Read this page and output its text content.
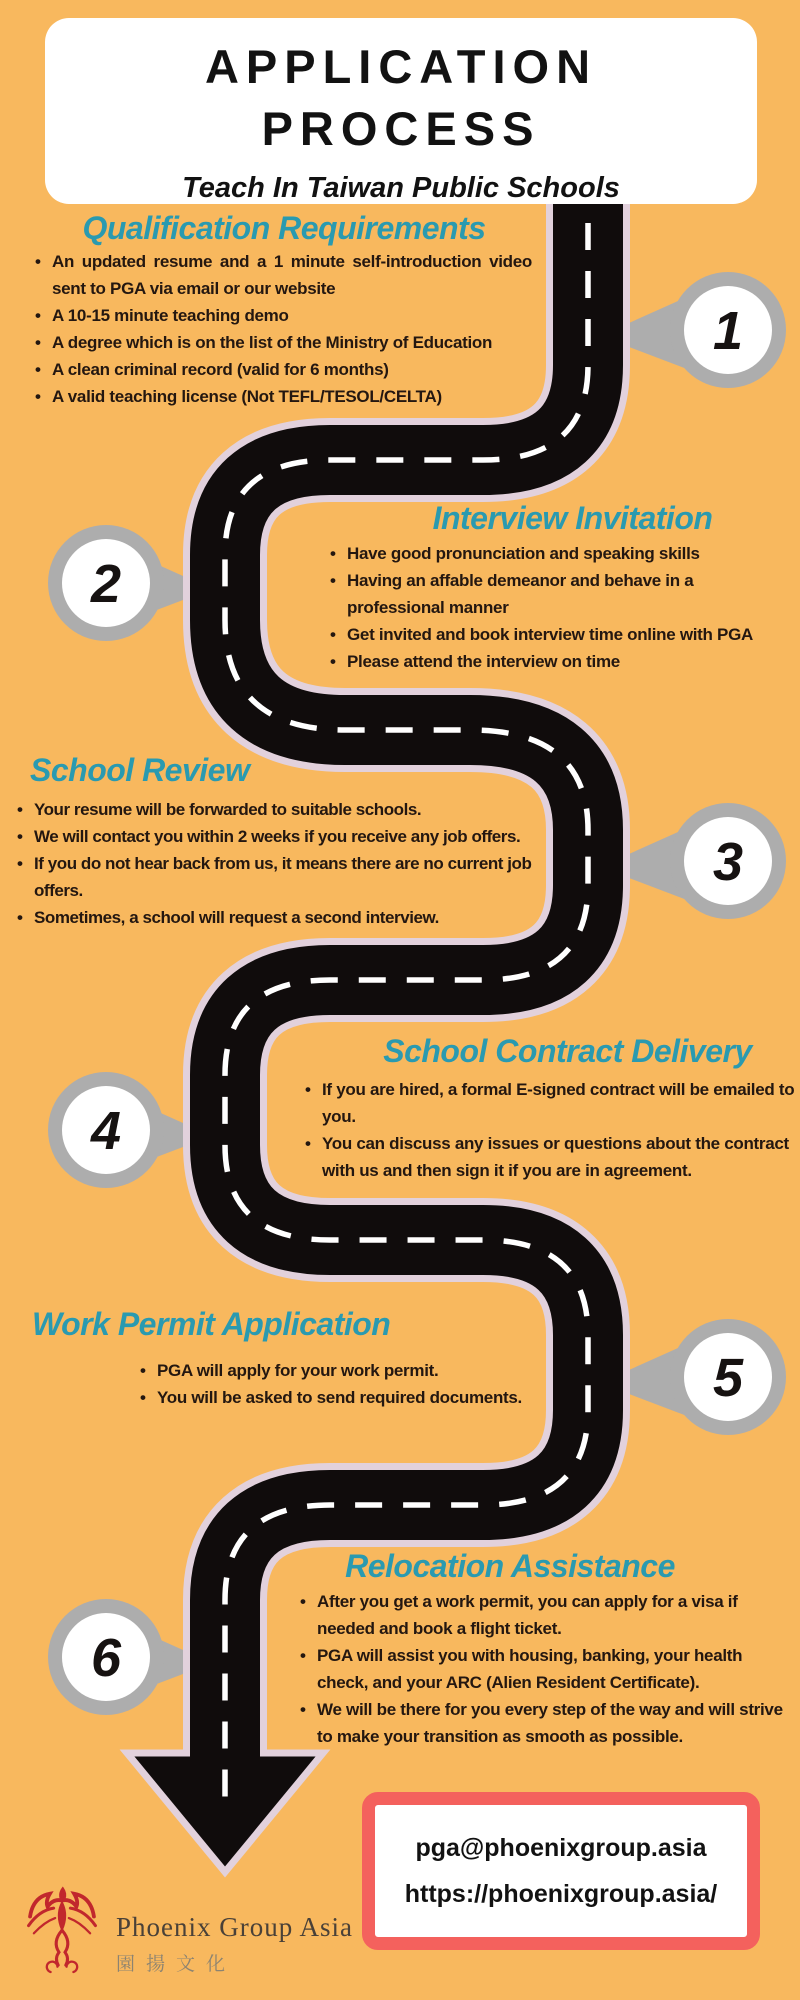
1
2
3
4
5
6
APPLICATION
PROCESS
Teach In Taiwan Public Schools
Qualification Requirements
• An updated resume and a 1 minute self-introduction video sent to PGA via email or our website
• A 10-15 minute teaching demo
• A degree which is on the list of the Ministry of Education
• A clean criminal record (valid for 6 months)
• A valid teaching license (Not TEFL/TESOL/CELTA)
Interview Invitation
• Have good pronunciation and speaking skills
• Having an affable demeanor and behave in a professional manner
• Get invited and book interview time online with PGA
• Please attend the interview on time
School Review
• Your resume will be forwarded to suitable schools.
• We will contact you within 2 weeks if you receive any job offers.
• If you do not hear back from us, it means there are no current job offers.
• Sometimes, a school will request a second interview.
School Contract Delivery
• If you are hired, a formal E-signed contract will be emailed to you.
• You can discuss any issues or questions about the contract with us and then sign it if you are in agreement.
Work Permit Application
• PGA will apply for your work permit.
• You will be asked to send required documents.
Relocation Assistance
• After you get a work permit, you can apply for a visa if needed and book a flight ticket.
• PGA will assist you with housing, banking, your health check, and your ARC (Alien Resident Certificate).
• We will be there for you every step of the way and will strive to make your transition as smooth as possible.
pga@phoenixgroup.asia
https://phoenixgroup.asia/
Phoenix Group Asia
園揚文化
